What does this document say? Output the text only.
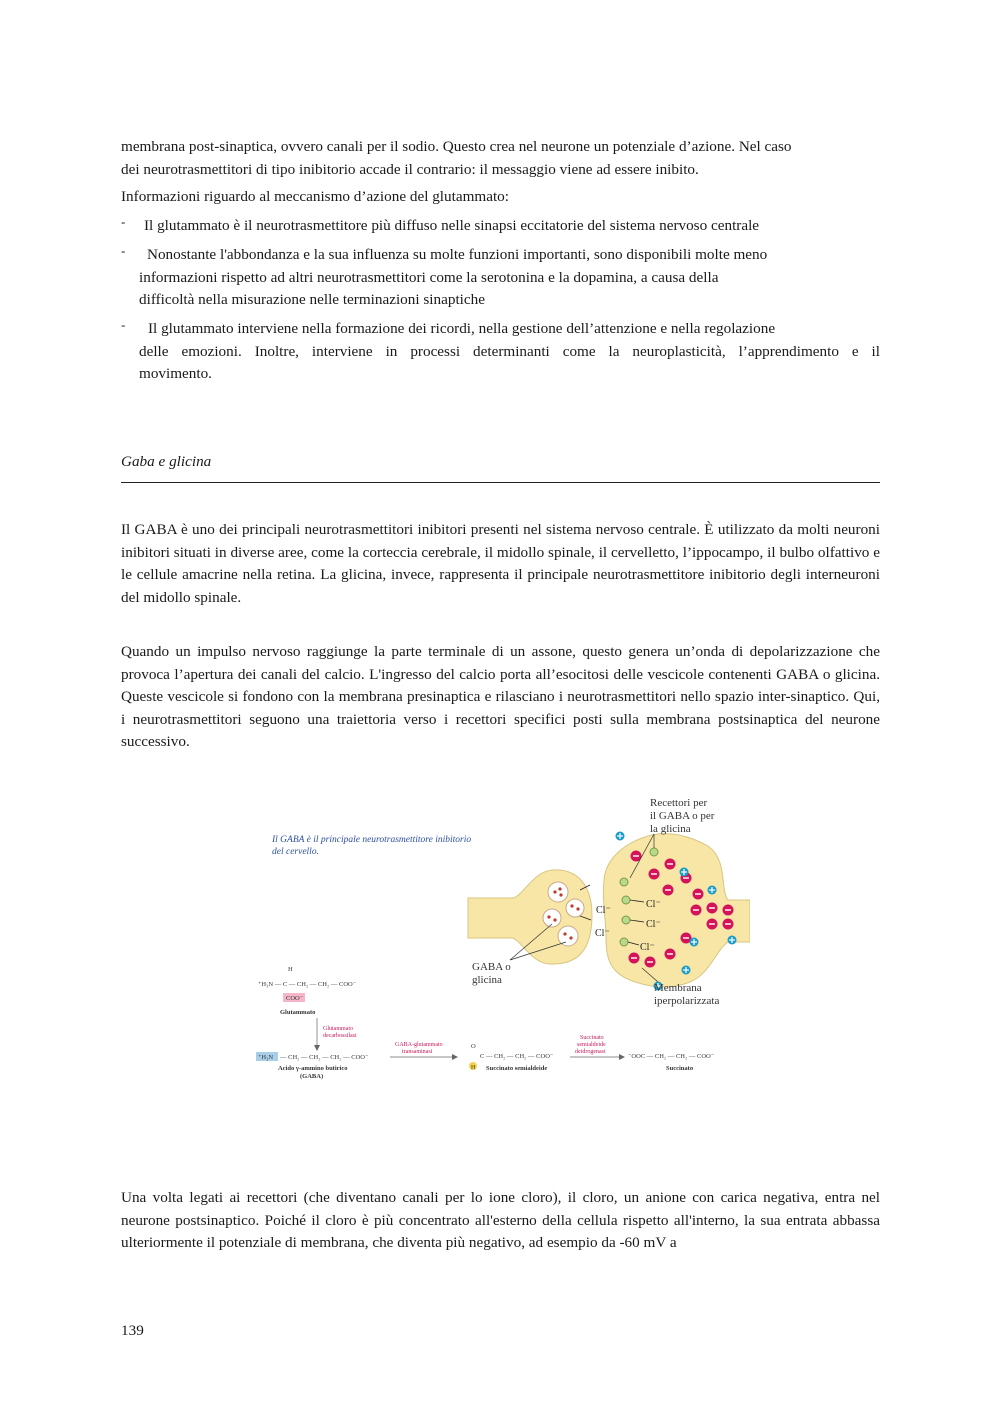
membrana post-sinaptica, ovvero canali per il sodio. Questo crea nel neurone un potenziale d’azione. Nel caso

dei neurotrasmettitori di tipo inibitorio accade il contrario: il messaggio viene ad essere inibito.

Informazioni riguardo al meccanismo d’azione del glutammato:
- Il glutammato è il neurotrasmettitore più diffuso nelle sinapsi eccitatorie del sistema nervoso centrale
-	Nonostante l'abbondanza e la sua influenza su molte funzioni importanti, sono disponibili molte meno
informazioni rispetto ad altri neurotrasmettitori come la serotonina e la dopamina, a causa della
difficoltà nella misurazione nelle terminazioni sinaptiche
-	Il glutammato interviene nella formazione dei ricordi, nella gestione dell’attenzione e nella regolazione
delle emozioni. Inoltre, interviene in processi determinanti come la neuroplasticità, l’apprendimento e il
movimento.
Gaba e glicina
Il GABA è uno dei principali neurotrasmettitori inibitori presenti nel sistema nervoso centrale. È utilizzato da molti neuroni inibitori situati in diverse aree, come la corteccia cerebrale, il midollo spinale, il cervelletto, l’ippocampo, il bulbo olfattivo e le cellule amacrine nella retina. La glicina, invece, rappresenta il principale neurotrasmettitore inibitorio degli interneuroni del midollo spinale.
Quando un impulso nervoso raggiunge la parte terminale di un assone, questo genera un’onda di depolarizzazione che provoca l’apertura dei canali del calcio. L'ingresso del calcio porta all’esocitosi delle vescicole contenenti GABA o glicina. Queste vescicole si fondono con la membrana presinaptica e rilasciano i neurotrasmettitori nello spazio inter-sinaptico. Qui, i neurotrasmettitori seguono una traiettoria verso i recettori specifici posti sulla membrana postsinaptica del neurone successivo.
Il GABA è il principale neurotrasmettitore inibitorio
del cervello.
Cl⁻
Cl⁻
Cl⁻
Cl⁻
Cl⁻
Recettori per
il GABA o per
la glicina
GABA o
glicina
Membrana
iperpolarizzata
H
⁺H₃N — C — CH₂ — CH₂ — COO⁻
COO⁻
Glutammato
Glutammato
decarbossilasi
⁺H₃N — CH₂ — CH₂ — CH₂ — COO⁻
Acido γ-ammino butirico
(GABA)
GABA-glutammato
transaminasi
O
C — CH₂ — CH₂ — COO⁻
H Succinato semialdeide
Succinato
semialdeide
deidrogenasi
⁻OOC — CH₂ — CH₂ — COO⁻
Succinato
Una volta legati ai recettori (che diventano canali per lo ione cloro), il cloro, un anione con carica negativa, entra nel neurone postsinaptico. Poiché il cloro è più concentrato all'esterno della cellula rispetto all'interno, la sua entrata abbassa ulteriormente il potenziale di membrana, che diventa più negativo, ad esempio da -60 mV a
139
